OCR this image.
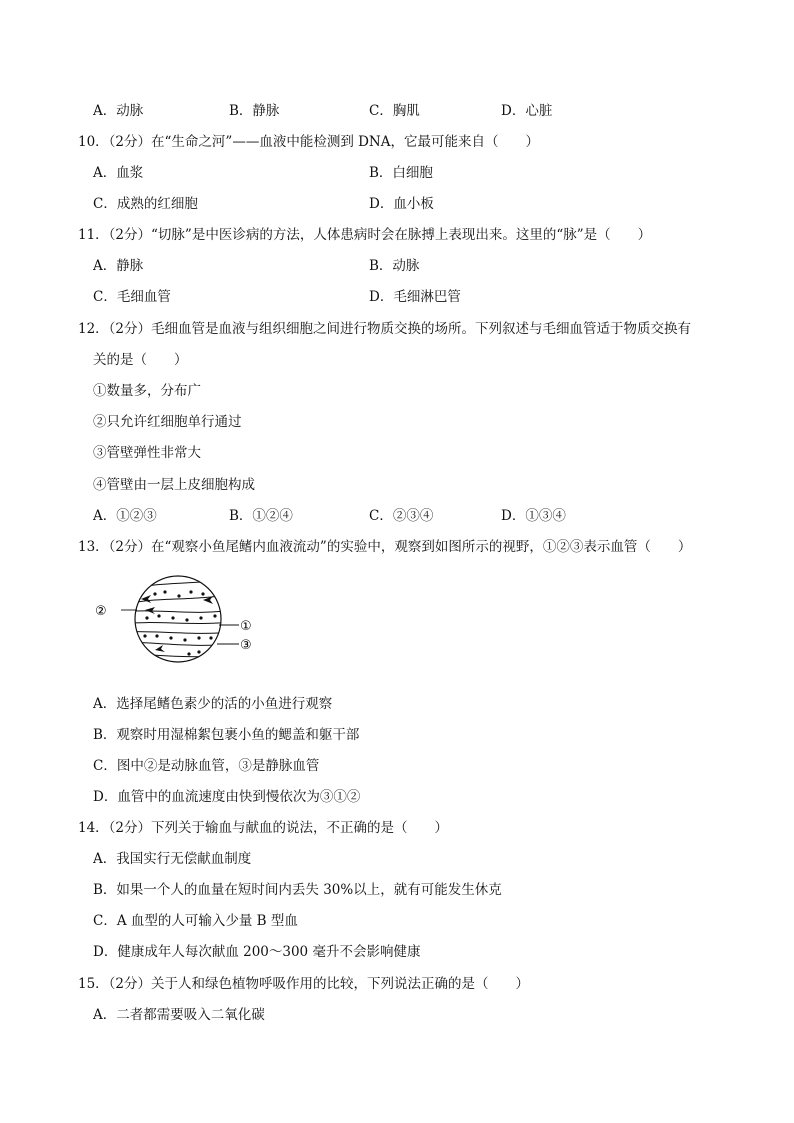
A．动脉	B．静脉	C．胸肌	D．心脏
10．（2分）在“生命之河”——血液中能检测到 DNA，它最可能来自（　　）
A．血浆	B．白细胞
C．成熟的红细胞	D．血小板
11．（2分）“切脉”是中医诊病的方法，人体患病时会在脉搏上表现出来。这里的“脉”是（　　）
A．静脉	B．动脉
C．毛细血管	D．毛细淋巴管
12．（2分）毛细血管是血液与组织细胞之间进行物质交换的场所。下列叙述与毛细血管适于物质交换有
关的是（　　）
①数量多，分布广
②只允许红细胞单行通过
③管壁弹性非常大
④管壁由一层上皮细胞构成
A．①②③	B．①②④	C．②③④	D．①③④
13．（2分）在“观察小鱼尾鳍内血液流动”的实验中，观察到如图所示的视野，①②③表示血管（　　）
②
①
③
A．选择尾鳍色素少的活的小鱼进行观察
B．观察时用湿棉絮包裹小鱼的鳃盖和躯干部
C．图中②是动脉血管，③是静脉血管
D．血管中的血流速度由快到慢依次为③①②
14．（2分）下列关于输血与献血的说法，不正确的是（　　）
A．我国实行无偿献血制度
B．如果一个人的血量在短时间内丢失 30%以上，就有可能发生休克
C．A 血型的人可输入少量 B 型血
D．健康成年人每次献血 200～300 毫升不会影响健康
15．（2分）关于人和绿色植物呼吸作用的比较，下列说法正确的是（　　）
A．二者都需要吸入二氧化碳
